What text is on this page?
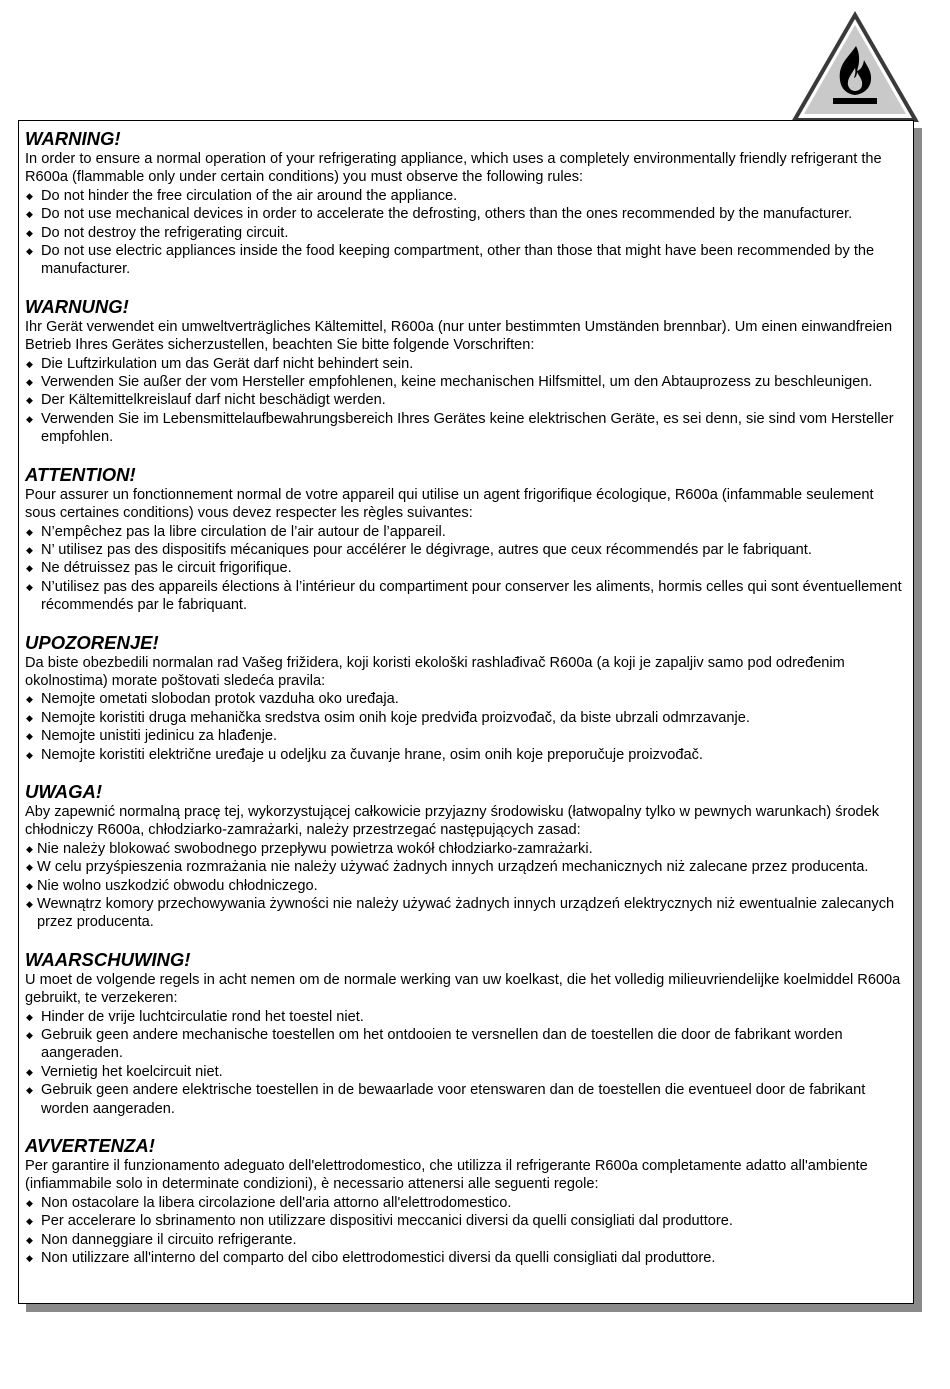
WARNING!

In order to ensure a normal operation of your refrigerating appliance, which uses a completely environmentally friendly refrigerant the R600a (flammable only under certain conditions) you must observe the following rules:

◆ Do not hinder the free circulation of the air around the appliance.
◆ Do not use mechanical devices in order to accelerate the defrosting, others than the ones recommended by the manufacturer.
◆ Do not destroy the refrigerating circuit.
◆ Do not use electric appliances inside the food keeping compartment, other than those that might have been recommended by the manufacturer.

WARNUNG!

Ihr Gerät verwendet ein umweltverträgliches Kältemittel, R600a (nur unter bestimmten Umständen brennbar). Um einen einwandfreien Betrieb Ihres Gerätes sicherzustellen, beachten Sie bitte folgende Vorschriften:

◆ Die Luftzirkulation um das Gerät darf nicht behindert sein.
◆ Verwenden Sie außer der vom Hersteller empfohlenen, keine mechanischen Hilfsmittel, um den Abtauprozess zu beschleunigen.
◆ Der Kältemittelkreislauf darf nicht beschädigt werden.
◆ Verwenden Sie im Lebensmittelaufbewahrungsbereich Ihres Gerätes keine elektrischen Geräte, es sei denn, sie sind vom Hersteller empfohlen.

ATTENTION!

Pour assurer un fonctionnement normal de votre appareil qui utilise un agent frigorifique écologique, R600a (infammable seulement sous certaines conditions) vous devez respecter les règles suivantes:

◆ N’empêchez pas la libre circulation de l’air autour de l’appareil.
◆ N’ utilisez pas des dispositifs mécaniques pour accélérer le dégivrage, autres que ceux récommendés par le fabriquant.
◆ Ne détruissez pas le circuit frigorifique.
◆ N’utilisez pas des appareils élections à l’intérieur du compartiment pour conserver les aliments, hormis celles qui sont éventuellement récommendés par le fabriquant.

UPOZORENJE!

Da biste obezbedili normalan rad Vašeg frižidera, koji koristi ekološki rashlađivač R600a (a koji je zapaljiv samo pod određenim okolnostima) morate poštovati sledeća pravila:

◆ Nemojte ometati slobodan protok vazduha oko uređaja.
◆ Nemojte koristiti druga mehanička sredstva osim onih koje predviđa proizvođač, da biste ubrzali odmrzavanje.
◆ Nemojte unistiti jedinicu za hlađenje.
◆ Nemojte koristiti električne uređaje u odeljku za čuvanje hrane, osim onih koje preporučuje proizvođač.

UWAGA!

Aby zapewnić normalną pracę tej, wykorzystującej całkowicie przyjazny środowisku (łatwopalny tylko w pewnych warunkach) środek chłodniczy R600a, chłodziarko-zamrażarki, należy przestrzegać następujących zasad:

◆ Nie należy blokować swobodnego przepływu powietrza wokół chłodziarko-zamrażarki.
◆ W celu przyśpieszenia rozmrażania nie należy używać żadnych innych urządzeń mechanicznych niż zalecane przez producenta.
◆ Nie wolno uszkodzić obwodu chłodniczego.
◆ Wewnątrz komory przechowywania żywności nie należy używać żadnych innych urządzeń elektrycznych niż ewentualnie zalecanych przez producenta.

WAARSCHUWING!

U moet de volgende regels in acht nemen om de normale werking van uw koelkast, die het volledig milieuvriendelijke koelmiddel R600a gebruikt, te verzekeren:

◆ Hinder de vrije luchtcirculatie rond het toestel niet.
◆ Gebruik geen andere mechanische toestellen om het ontdooien te versnellen dan de toestellen die door de fabrikant worden aangeraden.
◆ Vernietig het koelcircuit niet.
◆ Gebruik geen andere elektrische toestellen in de bewaarlade voor etenswaren dan de toestellen die eventueel door de fabrikant worden aangeraden.

AVVERTENZA!

Per garantire il funzionamento adeguato dell'elettrodomestico, che utilizza il refrigerante R600a completamente adatto all'ambiente (infiammabile solo in determinate condizioni), è necessario attenersi alle seguenti regole:

◆ Non ostacolare la libera circolazione dell'aria attorno all'elettrodomestico.
◆ Per accelerare lo sbrinamento non utilizzare dispositivi meccanici diversi da quelli consigliati dal produttore.
◆ Non danneggiare il circuito refrigerante.
◆ Non utilizzare all'interno del comparto del cibo elettrodomestici diversi da quelli consigliati dal produttore.
